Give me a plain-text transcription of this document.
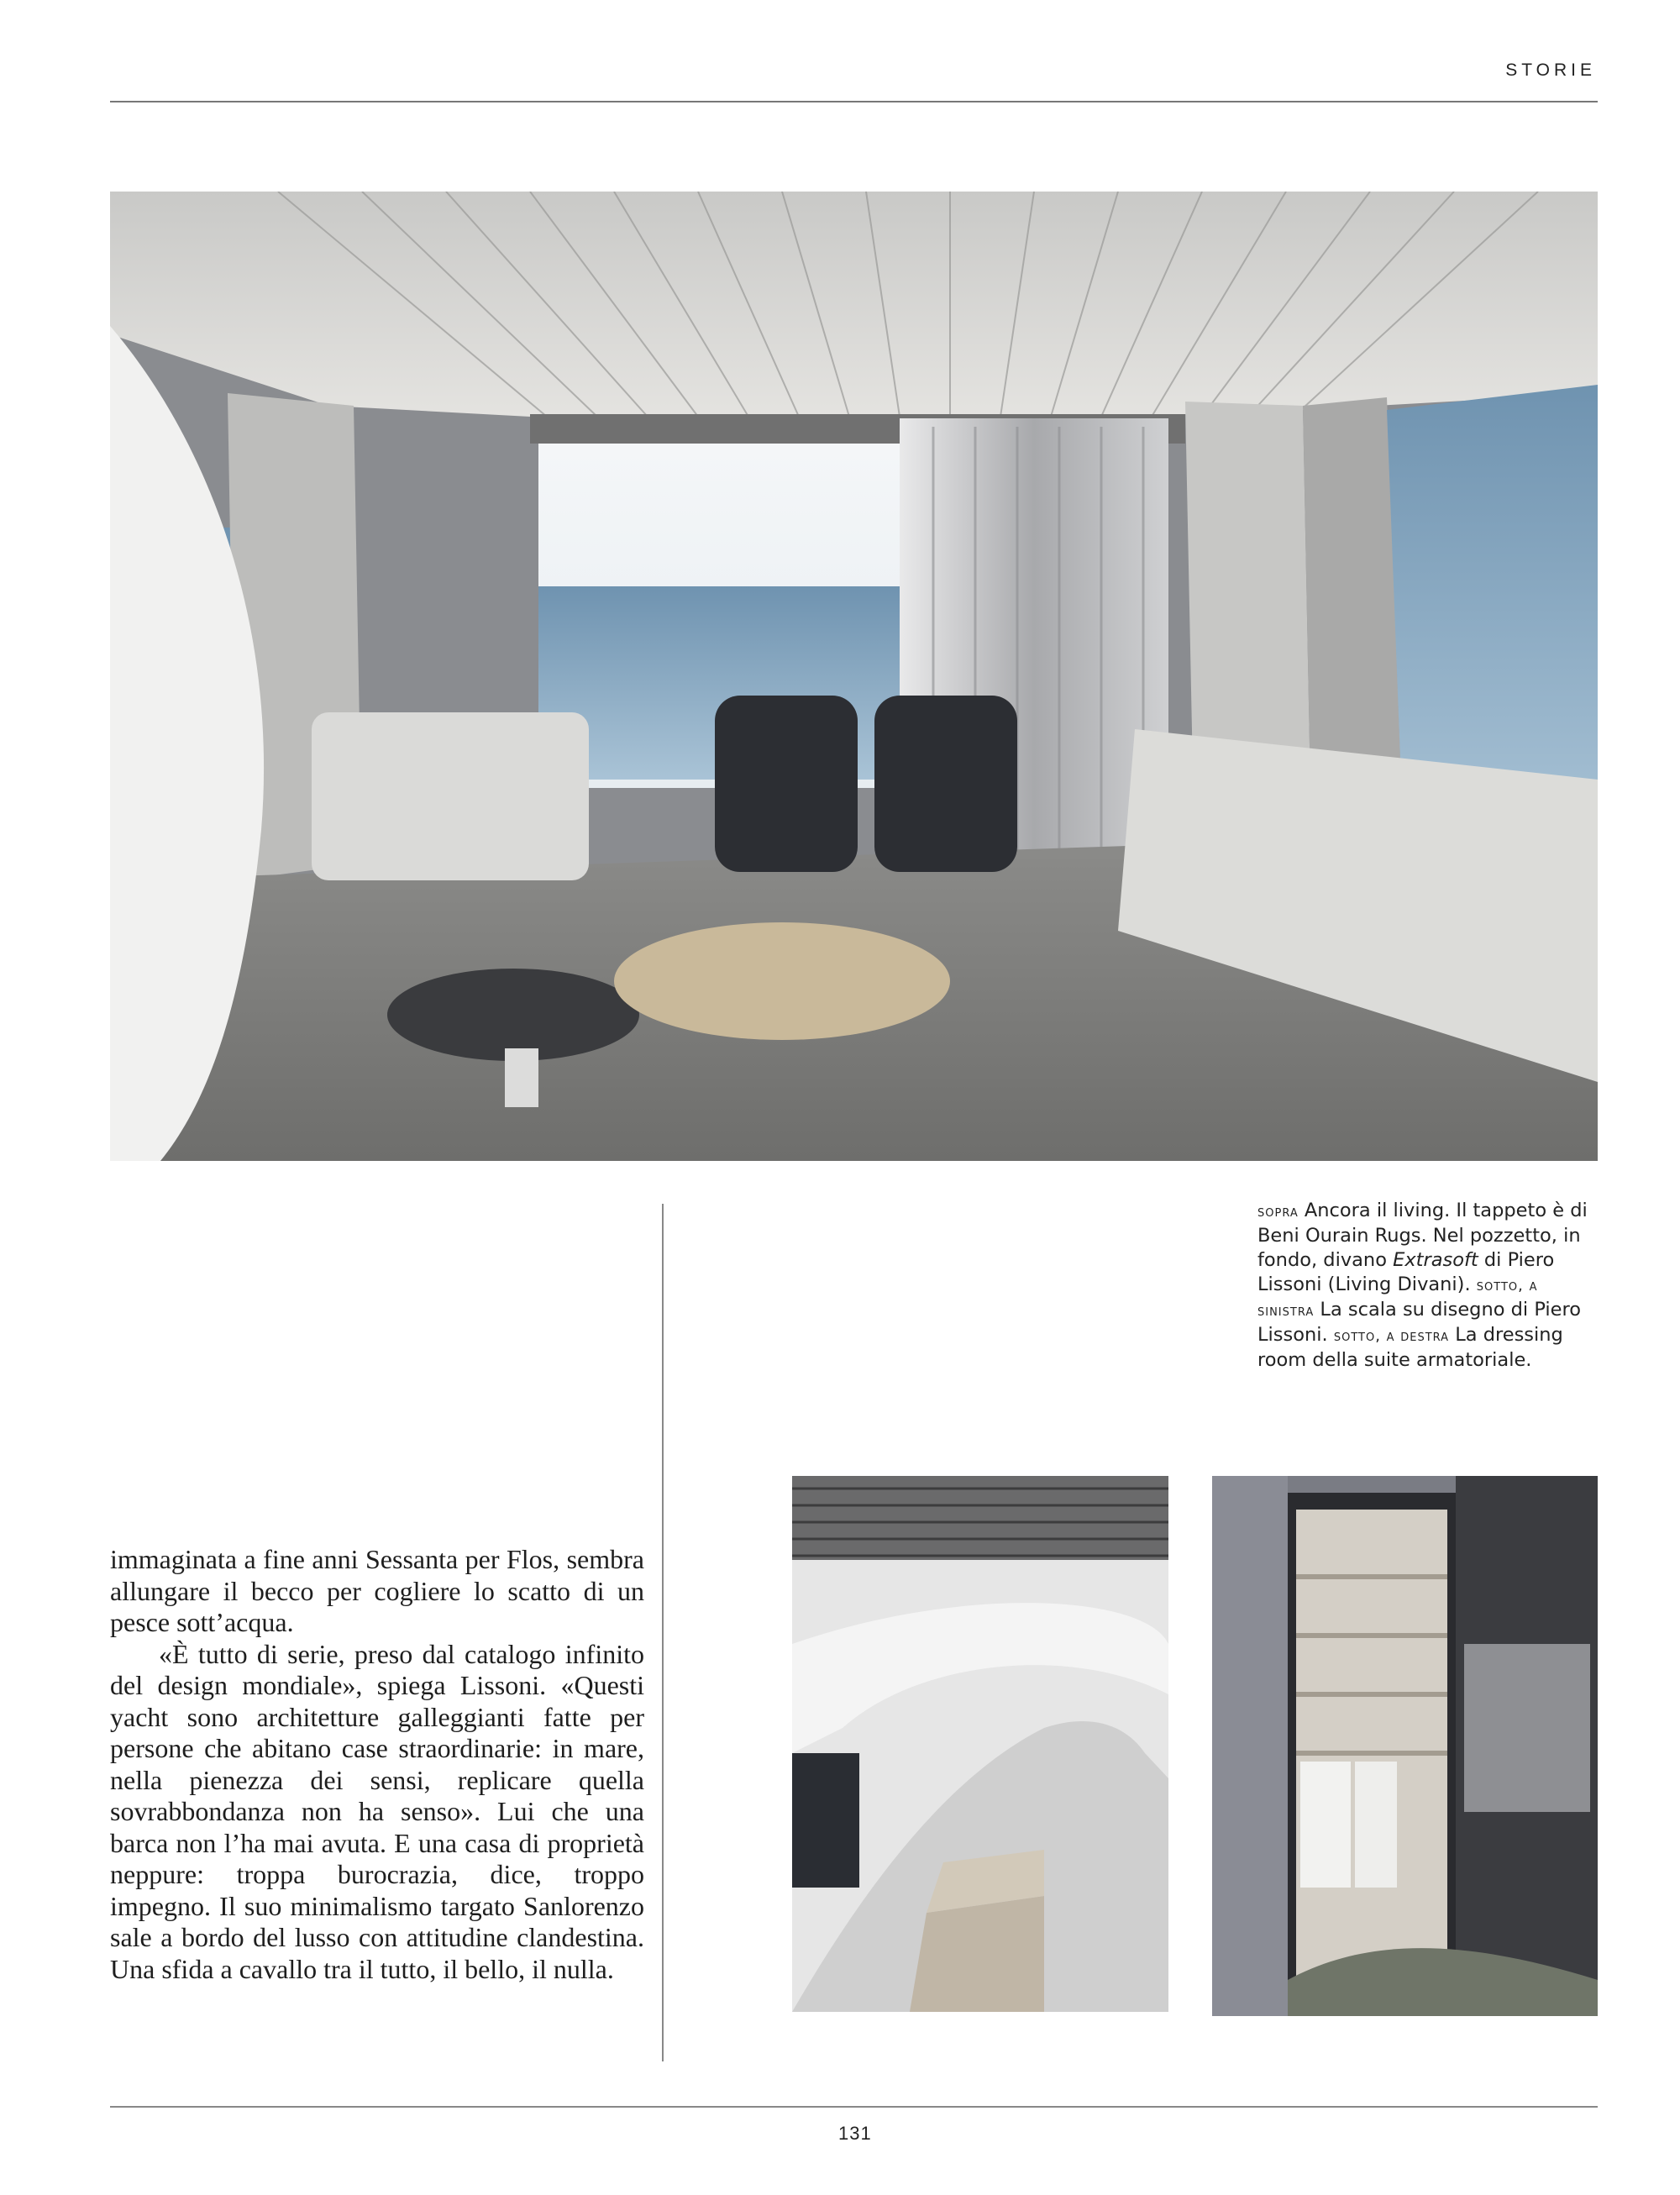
STORIE
sopra Ancora il living. Il tappeto è di Beni Ourain Rugs. Nel pozzetto, in fondo, divano Extrasoft di Piero Lissoni (Living Divani). sotto, a sinistra La scala su disegno di Piero Lissoni. sotto, a destra La dressing room della suite armatoriale.

immaginata a fine anni Sessanta per Flos, sembra allungare il becco per cogliere lo scatto di un pesce sott’acqua.

«È tutto di serie, preso dal catalogo infinito del design mondiale», spiega Lissoni. «Questi yacht sono architetture galleggianti fatte per persone che abitano case straordinarie: in mare, nella pienezza dei sensi, replicare quella sovrabbondanza non ha senso». Lui che una barca non l’ha mai avuta. E una casa di proprietà neppure: troppa burocrazia, dice, troppo impegno. Il suo minimalismo targato Sanlorenzo sale a bordo del lusso con attitudine clandestina. Una sfida a cavallo tra il tutto, il bello, il nulla.

131
